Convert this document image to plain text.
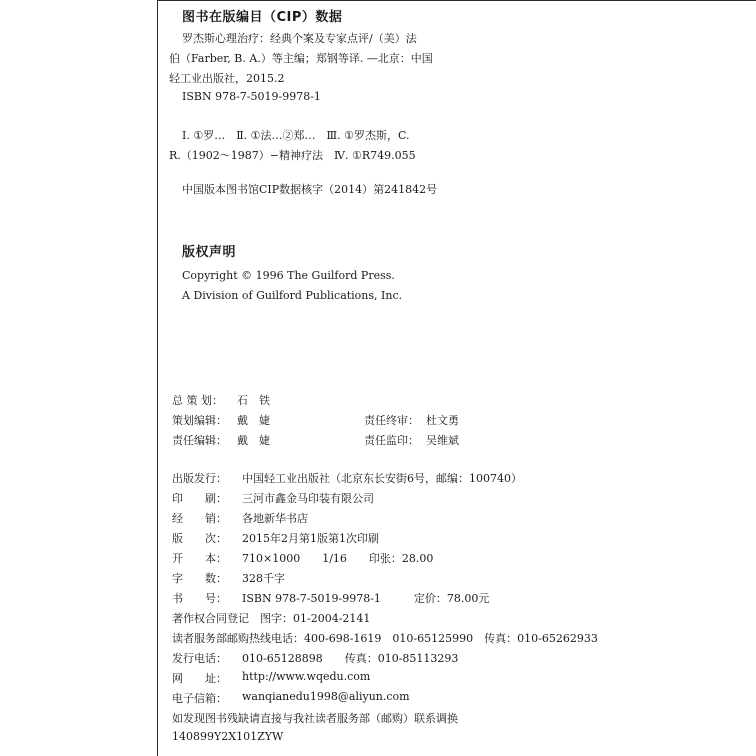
图书在版编目（CIP）数据
罗杰斯心理治疗：经典个案及专家点评/（美）法
伯（Farber, B. A.）等主编；郑钢等译. —北京：中国
轻工业出版社，2015.2
ISBN 978-7-5019-9978-1
Ⅰ. ①罗…　Ⅱ. ①法…②郑…　Ⅲ. ①罗杰斯，C.
R.（1902～1987）−精神疗法　Ⅳ. ①R749.055
中国版本图书馆CIP数据核字（2014）第241842号
版权声明
Copyright © 1996 The Guilford Press.
A Division of Guilford Publications, Inc.
总 策 划： 石　铁
策划编辑： 戴　婕	责任终审： 杜文勇
责任编辑： 戴　婕	责任监印： 吴维斌
出版发行： 中国轻工业出版社（北京东长安街6号，邮编：100740）
印　　刷： 三河市鑫金马印装有限公司
经　　销： 各地新华书店
版　　次： 2015年2月第1版第1次印刷
开　　本： 710×1000　　1/16　　印张：28.00
字　　数： 328千字
书　　号： ISBN 978-7-5019-9978-1　　　定价：78.00元
著作权合同登记　图字：01-2004-2141
读者服务部邮购热线电话：400-698-1619　010-65125990　传真：010-65262933
发行电话： 010-65128898　　传真：010-85113293
网　　址： http://www.wqedu.com
电子信箱： wanqianedu1998@aliyun.com
如发现图书残缺请直接与我社读者服务部（邮购）联系调换
140899Y2X101ZYW
